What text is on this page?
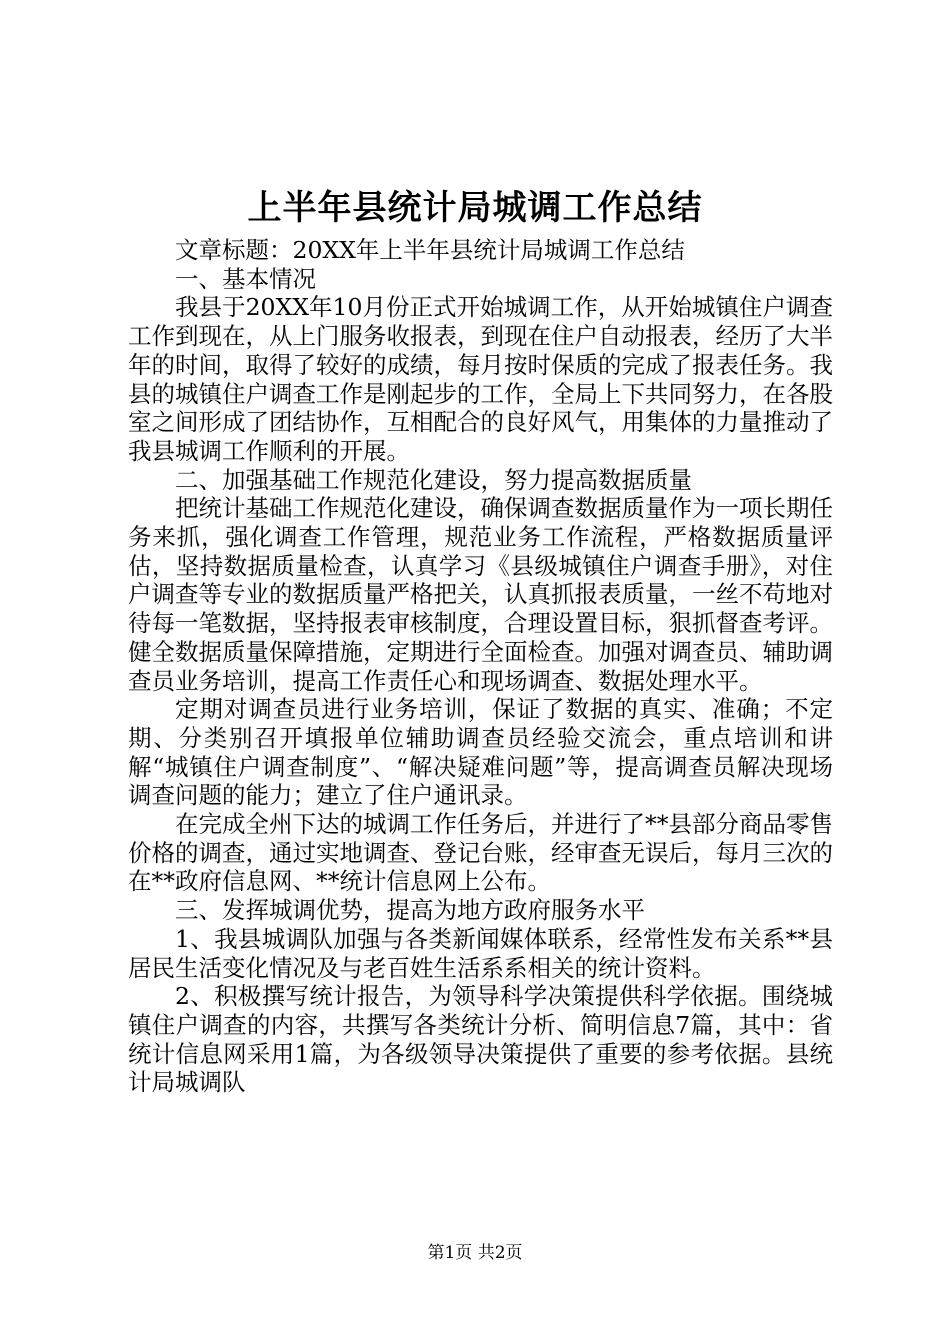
上半年县统计局城调工作总结

文章标题：20XX年上半年县统计局城调工作总结

一、基本情况

我县于20XX年10月份正式开始城调工作，从开始城镇住户调查工作到现在，从上门服务收报表，到现在住户自动报表，经历了大半年的时间，取得了较好的成绩，每月按时保质的完成了报表任务。我县的城镇住户调查工作是刚起步的工作，全局上下共同努力，在各股室之间形成了团结协作，互相配合的良好风气，用集体的力量推动了我县城调工作顺利的开展。

二、加强基础工作规范化建设，努力提高数据质量

把统计基础工作规范化建设，确保调查数据质量作为一项长期任务来抓，强化调查工作管理，规范业务工作流程，严格数据质量评估，坚持数据质量检查，认真学习《县级城镇住户调查手册》，对住户调查等专业的数据质量严格把关，认真抓报表质量，一丝不苟地对待每一笔数据，坚持报表审核制度，合理设置目标，狠抓督查考评。健全数据质量保障措施，定期进行全面检查。加强对调查员、辅助调查员业务培训，提高工作责任心和现场调查、数据处理水平。

定期对调查员进行业务培训，保证了数据的真实、准确；不定期、分类别召开填报单位辅助调查员经验交流会，重点培训和讲解“城镇住户调查制度”、“解决疑难问题”等，提高调查员解决现场调查问题的能力；建立了住户通讯录。

在完成全州下达的城调工作任务后，并进行了**县部分商品零售价格的调查，通过实地调查、登记台账，经审查无误后，每月三次的在**政府信息网、**统计信息网上公布。

三、发挥城调优势，提高为地方政府服务水平

1、我县城调队加强与各类新闻媒体联系，经常性发布关系**县居民生活变化情况及与老百姓生活系系相关的统计资料。

2、积极撰写统计报告，为领导科学决策提供科学依据。围绕城镇住户调查的内容，共撰写各类统计分析、简明信息7篇，其中：省统计信息网采用1篇，为各级领导决策提供了重要的参考依据。县统计局城调队

第1页 共2页
